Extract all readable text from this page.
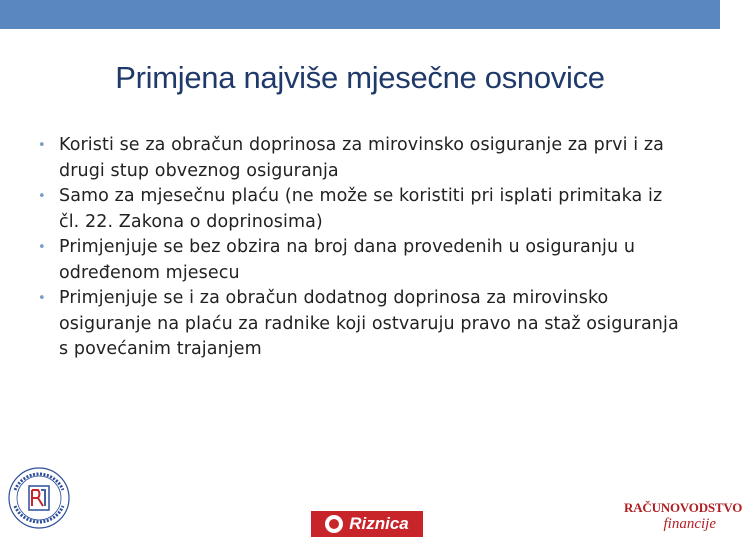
Primjena najviše mjesečne osnovice
• Koristi se za obračun doprinosa za mirovinsko osiguranje za prvi i za drugi stup obveznog osiguranja
• Samo za mjesečnu plaću (ne može se koristiti pri isplati primitaka iz čl. 22. Zakona o doprinosima)
• Primjenjuje se bez obzira na broj dana provedenih u osiguranju u određenom mjesecu
• Primjenjuje se i za obračun dodatnog doprinosa za mirovinsko osiguranje na plaću za radnike koji ostvaruju pravo na staž osiguranja s povećanim trajanjem
Riznica
RAČUNOVODSTVO
financije
